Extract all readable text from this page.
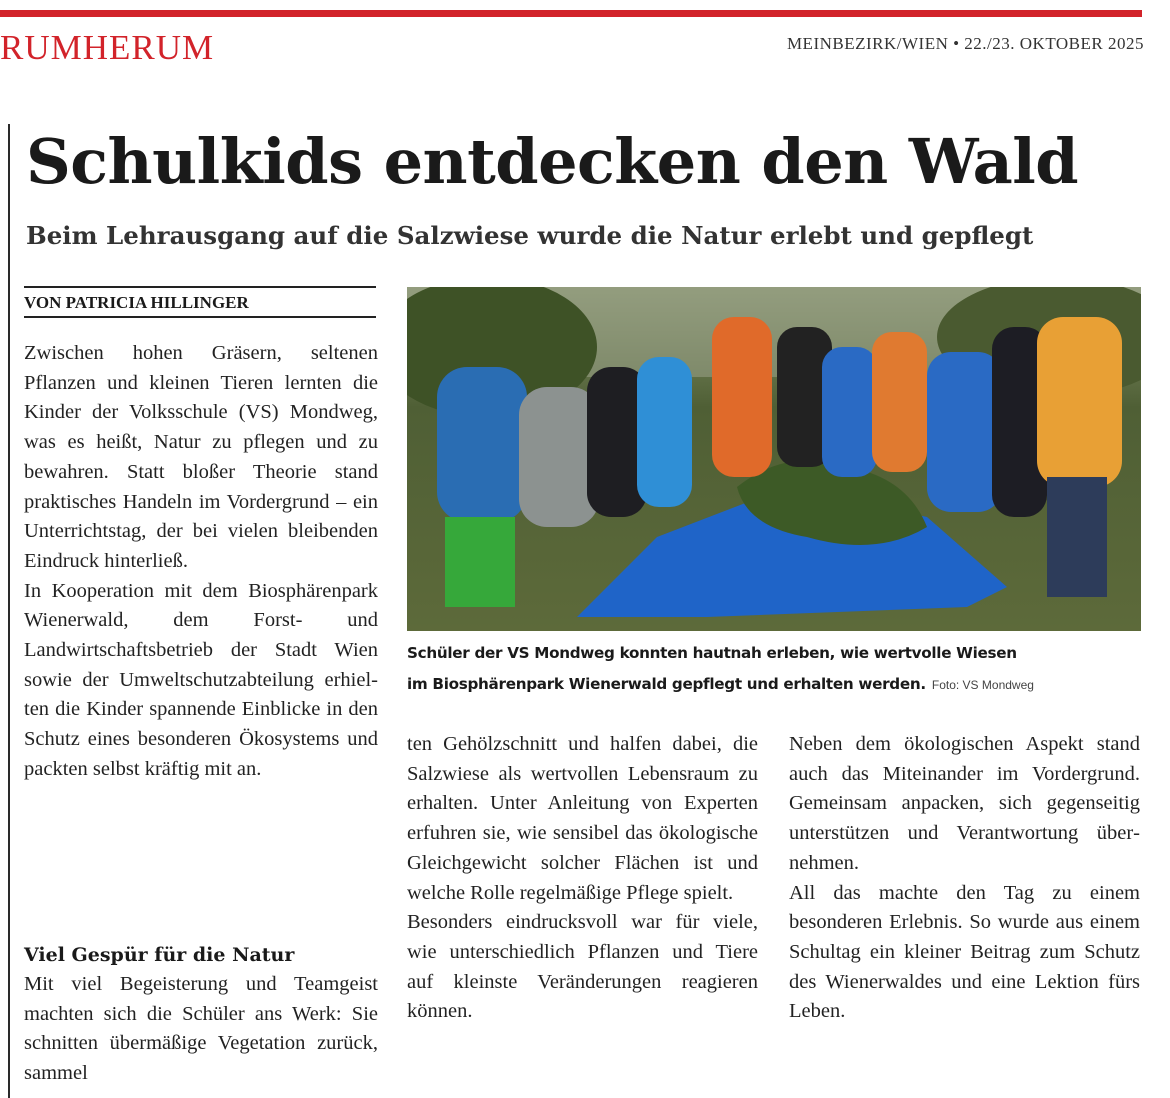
RUMHERUM	MEINBEZIRK/WIEN • 22./23. OKTOBER 2025
Schulkids entdecken den Wald
Beim Lehrausgang auf die Salzwiese wurde die Natur erlebt und gepflegt
VON PATRICIA HILLINGER

Zwischen hohen Gräsern, seltenen Pflanzen und kleinen Tieren lernten die Kinder der Volksschule (VS) Mondweg, was es heißt, Natur zu pflegen und zu bewahren. Statt bloßer Theorie stand praktisches Handeln im Vordergrund – ein Unterrichtstag, der bei vielen bleibenden Eindruck hinterließ.

In Kooperation mit dem Biosphärenpark Wienerwald, dem Forst- und Landwirtschaftsbetrieb der Stadt Wien sowie der Umweltschutzabteilung erhielten die Kinder spannende Einblicke in den Schutz eines besonderen Ökosystems und packten selbst kräftig mit an.

Viel Gespür für die Natur

Mit viel Begeisterung und Teamgeist machten sich die Schüler ans Werk: Sie schnitten übermäßige Vegetation zurück, sammel

Schüler der VS Mondweg konnten hautnah erleben, wie wertvolle Wiesen
im Biosphärenpark Wienerwald gepflegt und erhalten werden. Foto: VS Mondweg

ten Gehölzschnitt und halfen dabei, die Salzwiese als wertvollen Lebensraum zu erhalten. Unter Anleitung von Experten erfuhren sie, wie sensibel das ökologische Gleichgewicht solcher Flächen ist und welche Rolle regelmäßige Pflege spielt.

Besonders eindrucksvoll war für viele, wie unterschiedlich Pflanzen und Tiere auf kleinste Veränderungen reagieren können.

Neben dem ökologischen Aspekt stand auch das Miteinander im Vordergrund. Gemeinsam anpacken, sich gegenseitig unterstützen und Verantwortung übernehmen.

All das machte den Tag zu einem besonderen Erlebnis. So wurde aus einem Schultag ein kleiner Beitrag zum Schutz des Wienerwaldes und eine Lektion fürs Leben.
